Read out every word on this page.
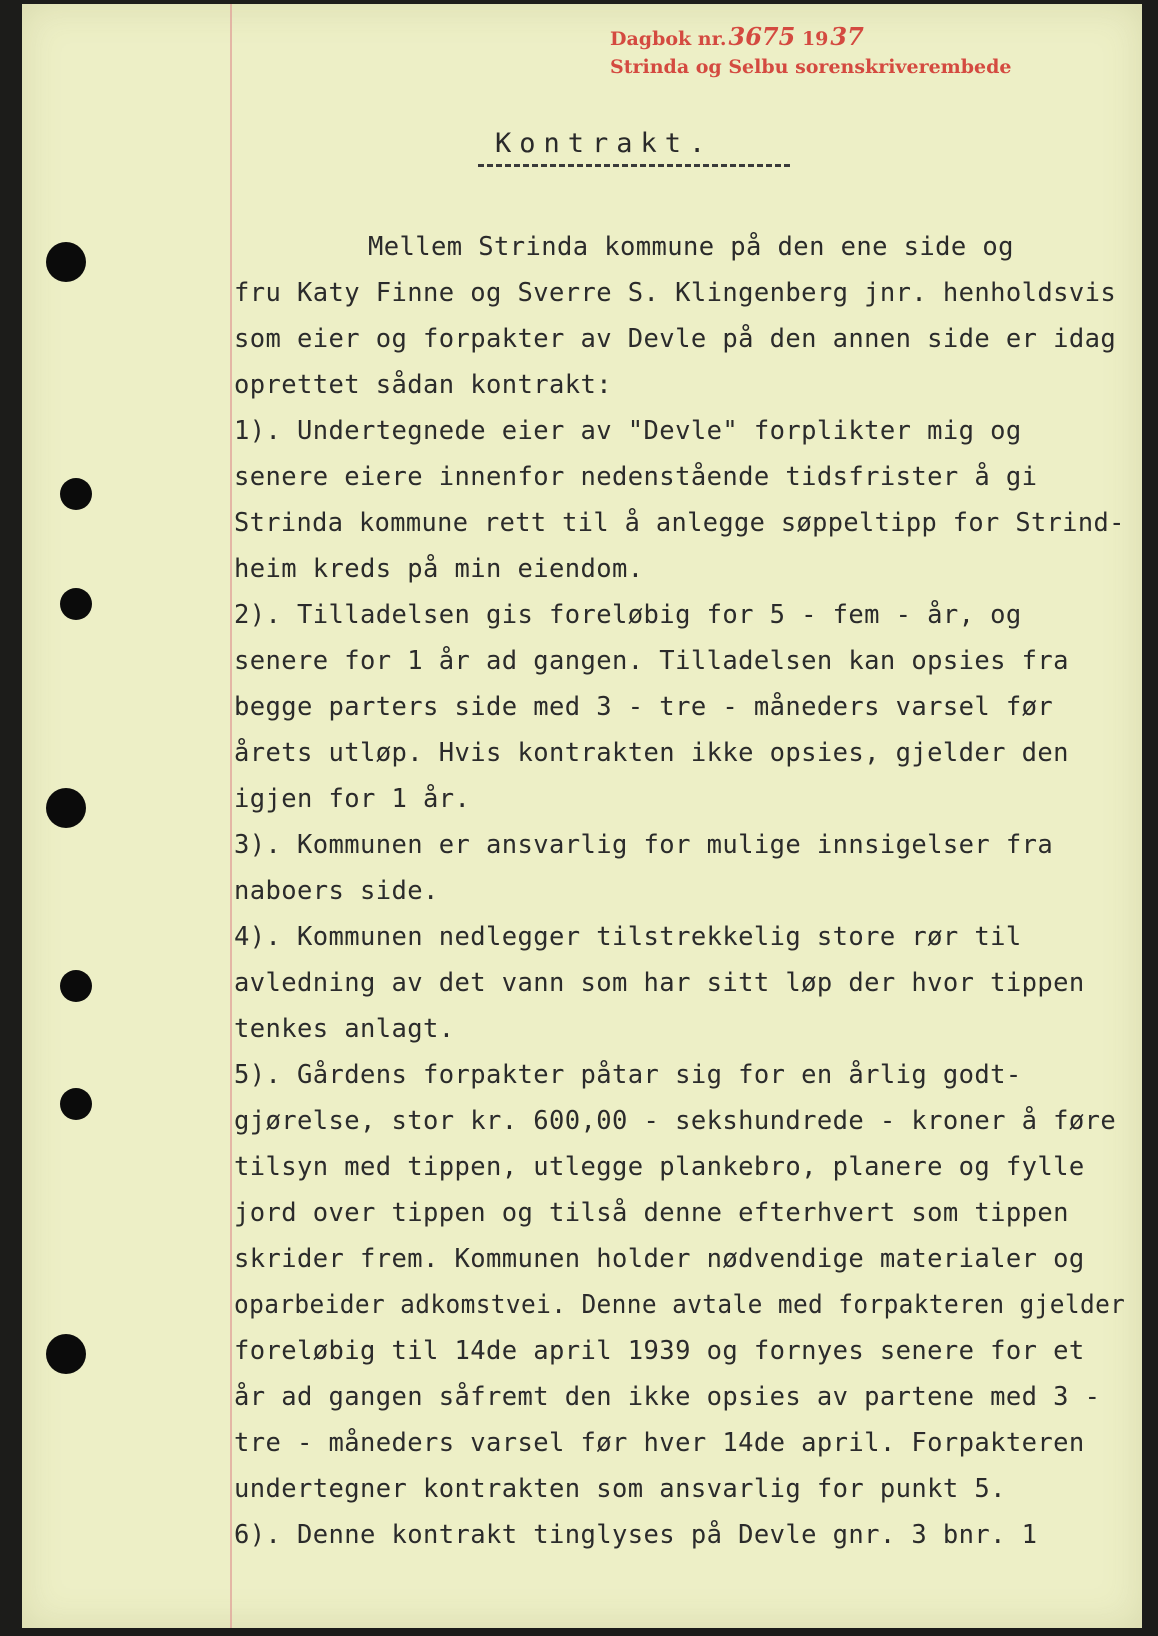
Dagbok nr.3675 1937
Strinda og Selbu sorenskriverembede
Kontrakt.
Mellem Strinda kommune på den ene side og
fru Katy Finne og Sverre S. Klingenberg jnr. henholdsvis
som eier og forpakter av Devle på den annen side er idag
oprettet sådan kontrakt:
1). Undertegnede eier av "Devle" forplikter mig og
senere eiere innenfor nedenstående tidsfrister å gi
Strinda kommune rett til å anlegge søppeltipp for Strind-
heim kreds på min eiendom.
2). Tilladelsen gis foreløbig for 5 - fem - år, og
senere for 1 år ad gangen. Tilladelsen kan opsies fra
begge parters side med 3 - tre - måneders varsel før
årets utløp. Hvis kontrakten ikke opsies, gjelder den
igjen for 1 år.
3). Kommunen er ansvarlig for mulige innsigelser fra
naboers side.
4). Kommunen nedlegger tilstrekkelig store rør til
avledning av det vann som har sitt løp der hvor tippen
tenkes anlagt.
5). Gårdens forpakter påtar sig for en årlig godt-
gjørelse, stor kr. 600,00 - sekshundrede - kroner å føre
tilsyn med tippen, utlegge plankebro, planere og fylle
jord over tippen og tilså denne efterhvert som tippen
skrider frem. Kommunen holder nødvendige materialer og
oparbeider adkomstvei. Denne avtale med forpakteren gjelder
foreløbig til 14de april 1939 og fornyes senere for et
år ad gangen såfremt den ikke opsies av partene med 3 -
tre - måneders varsel før hver 14de april. Forpakteren
undertegner kontrakten som ansvarlig for punkt 5.
6). Denne kontrakt tinglyses på Devle gnr. 3 bnr. 1
